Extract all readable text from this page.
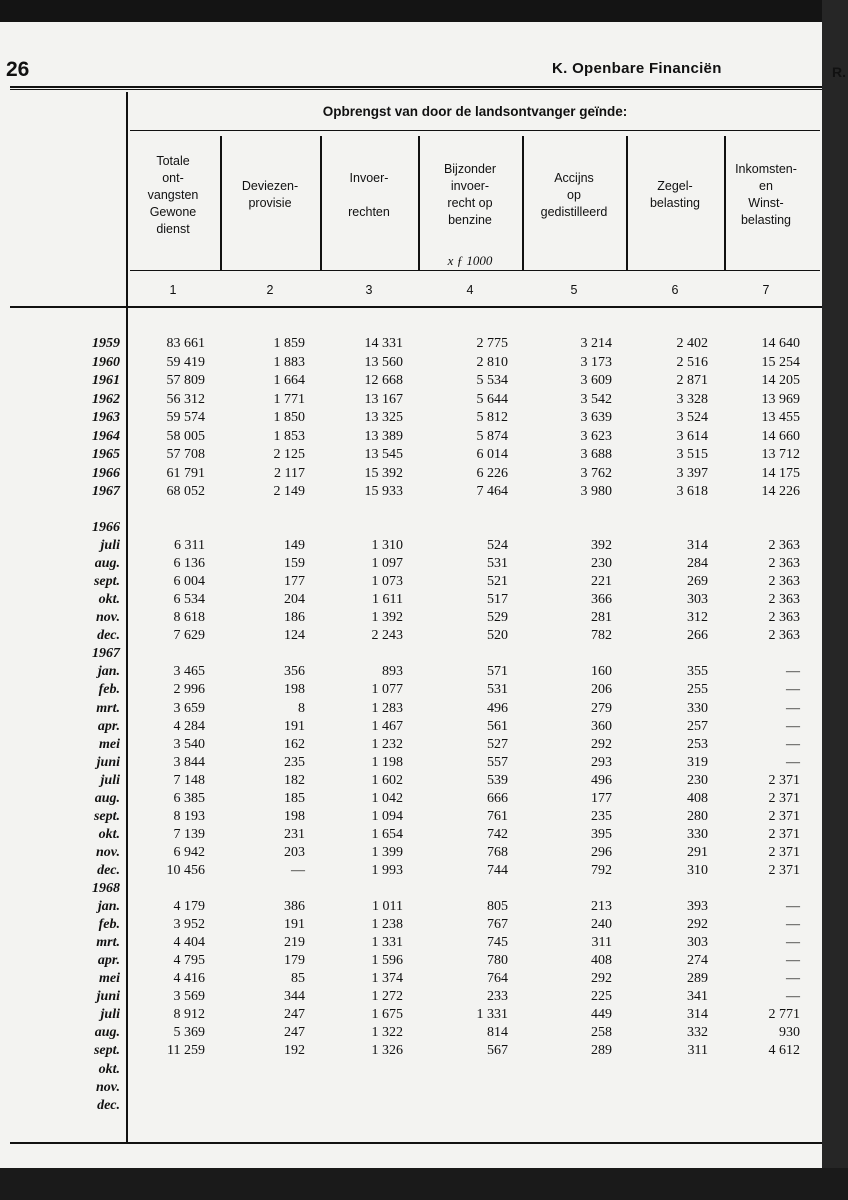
R.
26	K. Openbare Financiën
Opbrengst van door de landsontvanger geïnde:
x ƒ 1000
Totale
ont-
vangsten
Gewone
dienst
1
Deviezen-
provisie
2
Invoer-

rechten
3
Bijzonder
invoer-
recht op
benzine
4
Accijns
op
gedistilleerd
5
Zegel-
belasting
6
Inkomsten-
en
Winst-
belasting
7
1959	83 661	1 859	14 331	2 775	3 214	2 402	14 640
1960	59 419	1 883	13 560	2 810	3 173	2 516	15 254
1961	57 809	1 664	12 668	5 534	3 609	2 871	14 205
1962	56 312	1 771	13 167	5 644	3 542	3 328	13 969
1963	59 574	1 850	13 325	5 812	3 639	3 524	13 455
1964	58 005	1 853	13 389	5 874	3 623	3 614	14 660
1965	57 708	2 125	13 545	6 014	3 688	3 515	13 712
1966	61 791	2 117	15 392	6 226	3 762	3 397	14 175
1967	68 052	2 149	15 933	7 464	3 980	3 618	14 226
1966
juli	6 311	149	1 310	524	392	314	2 363
aug.	6 136	159	1 097	531	230	284	2 363
sept.	6 004	177	1 073	521	221	269	2 363
okt.	6 534	204	1 611	517	366	303	2 363
nov.	8 618	186	1 392	529	281	312	2 363
dec.	7 629	124	2 243	520	782	266	2 363
1967
jan.	3 465	356	893	571	160	355	—
feb.	2 996	198	1 077	531	206	255	—
mrt.	3 659	8	1 283	496	279	330	—
apr.	4 284	191	1 467	561	360	257	—
mei	3 540	162	1 232	527	292	253	—
juni	3 844	235	1 198	557	293	319	—
juli	7 148	182	1 602	539	496	230	2 371
aug.	6 385	185	1 042	666	177	408	2 371
sept.	8 193	198	1 094	761	235	280	2 371
okt.	7 139	231	1 654	742	395	330	2 371
nov.	6 942	203	1 399	768	296	291	2 371
dec.	10 456	—	1 993	744	792	310	2 371
1968
jan.	4 179	386	1 011	805	213	393	—
feb.	3 952	191	1 238	767	240	292	—
mrt.	4 404	219	1 331	745	311	303	—
apr.	4 795	179	1 596	780	408	274	—
mei	4 416	85	1 374	764	292	289	—
juni	3 569	344	1 272	233	225	341	—
juli	8 912	247	1 675	1 331	449	314	2 771
aug.	5 369	247	1 322	814	258	332	930
sept.	11 259	192	1 326	567	289	311	4 612
okt.
nov.
dec.
